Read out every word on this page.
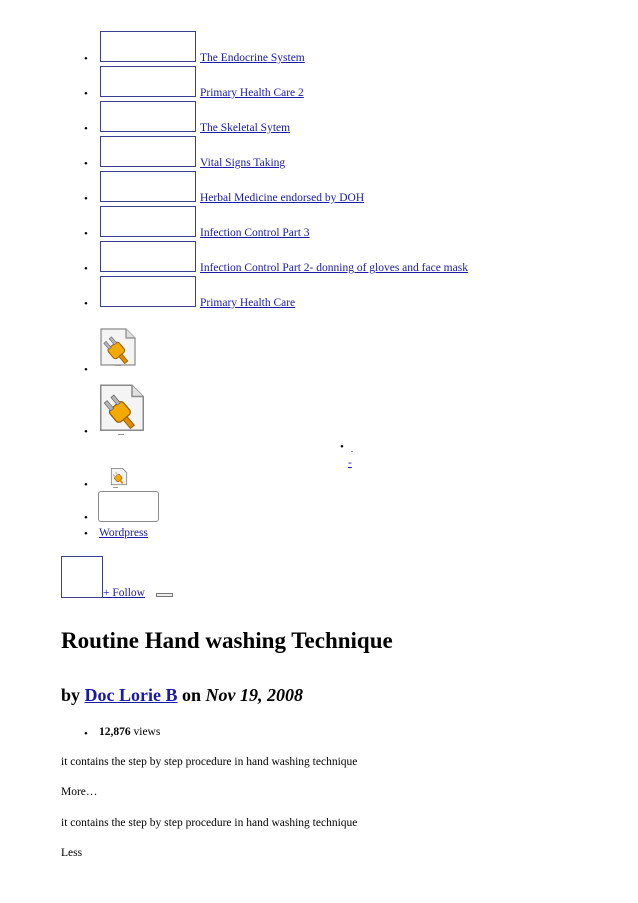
•	The Endocrine System
•	Primary Health Care 2
•	The Skeletal Sytem
•	Vital Signs Taking
•	Herbal Medicine endorsed by DOH
•	Infection Control Part 3
•	Infection Control Part 2- donning of gloves and face mask
•	Primary Health Care
•
•
•
-
•
•
• Wordpress
+ Follow
Routine Hand washing Technique
by Doc Lorie B on Nov 19, 2008
• 12,876 views
it contains the step by step procedure in hand washing technique
More…
it contains the step by step procedure in hand washing technique
Less
